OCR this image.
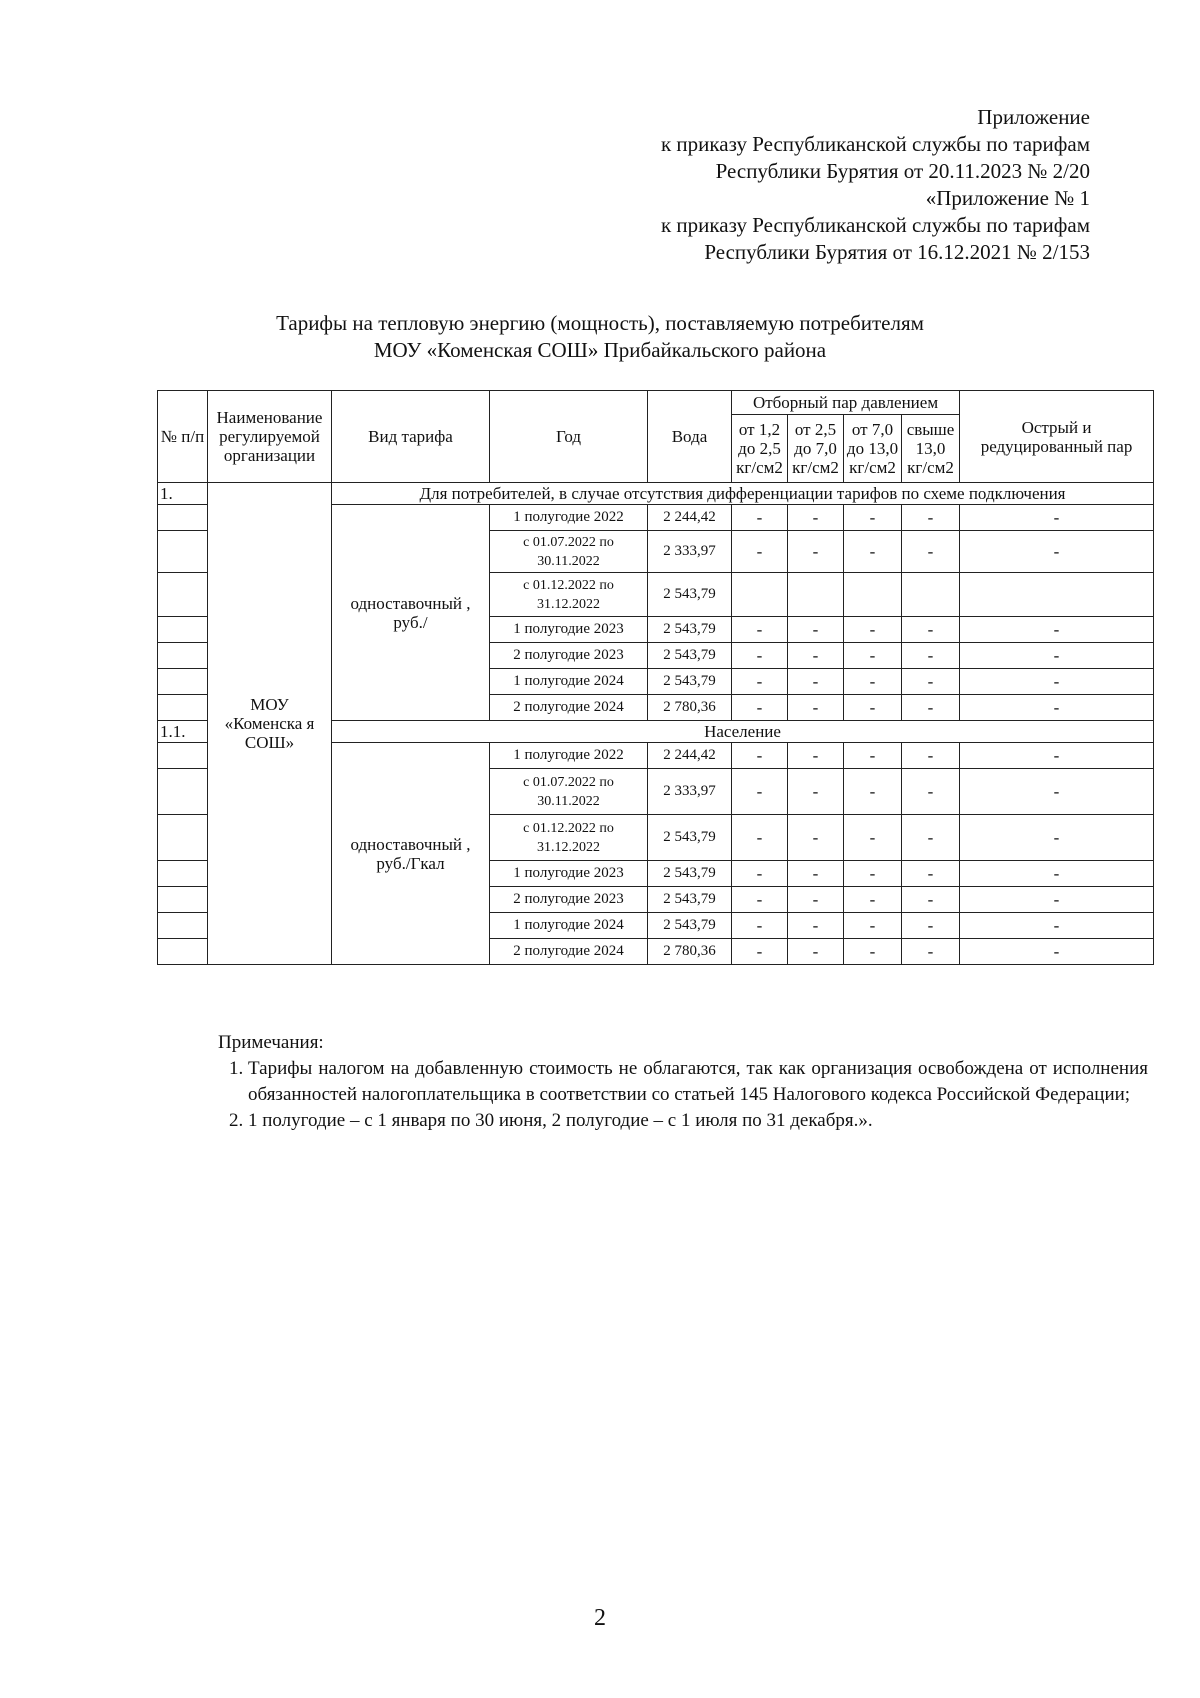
Приложение
к приказу Республиканской службы по тарифам
Республики Бурятия от 20.11.2023 № 2/20
«Приложение № 1
к приказу Республиканской службы по тарифам
Республики Бурятия от 16.12.2021 № 2/153
Тарифы на тепловую энергию (мощность), поставляемую потребителям
МОУ «Коменская СОШ» Прибайкальского района
№ п/п	Наименование регулируемой организации	Вид тарифа	Год	Вода	Отборный пар давлением				Острый и редуцированный пар
					от 1,2 до 2,5 кг/см2	от 2,5 до 7,0 кг/см2	от 7,0 до 13,0 кг/см2	свыше 13,0 кг/см2	
1.	МОУ «Коменска я СОШ»	Для потребителей, в случае отсутствия дифференциации тарифов по схеме подключения							
		одноставочный , руб./	1 полугодие 2022	2 244,42	-	-	-	-	-
			с 01.07.2022 по 30.11.2022	2 333,97	-	-	-	-	-
			с 01.12.2022 по 31.12.2022	2 543,79					
			1 полугодие 2023	2 543,79	-	-	-	-	-
			2 полугодие 2023	2 543,79	-	-	-	-	-
			1 полугодие 2024	2 543,79	-	-	-	-	-
			2 полугодие 2024	2 780,36	-	-	-	-	-
1.1.		Население							
		одноставочный , руб./Гкал	1 полугодие 2022	2 244,42	-	-	-	-	-
			с 01.07.2022 по 30.11.2022	2 333,97	-	-	-	-	-
			с 01.12.2022 по 31.12.2022	2 543,79	-	-	-	-	-
			1 полугодие 2023	2 543,79	-	-	-	-	-
			2 полугодие 2023	2 543,79	-	-	-	-	-
			1 полугодие 2024	2 543,79	-	-	-	-	-
			2 полугодие 2024	2 780,36	-	-	-	-	-
Примечания:
1. Тарифы налогом на добавленную стоимость не облагаются, так как организация освобождена от исполнения обязанностей налогоплательщика в соответствии со статьей 145 Налогового кодекса Российской Федерации;
2. 1 полугодие – с 1 января по 30 июня, 2 полугодие – с 1 июля по 31 декабря.».
2
